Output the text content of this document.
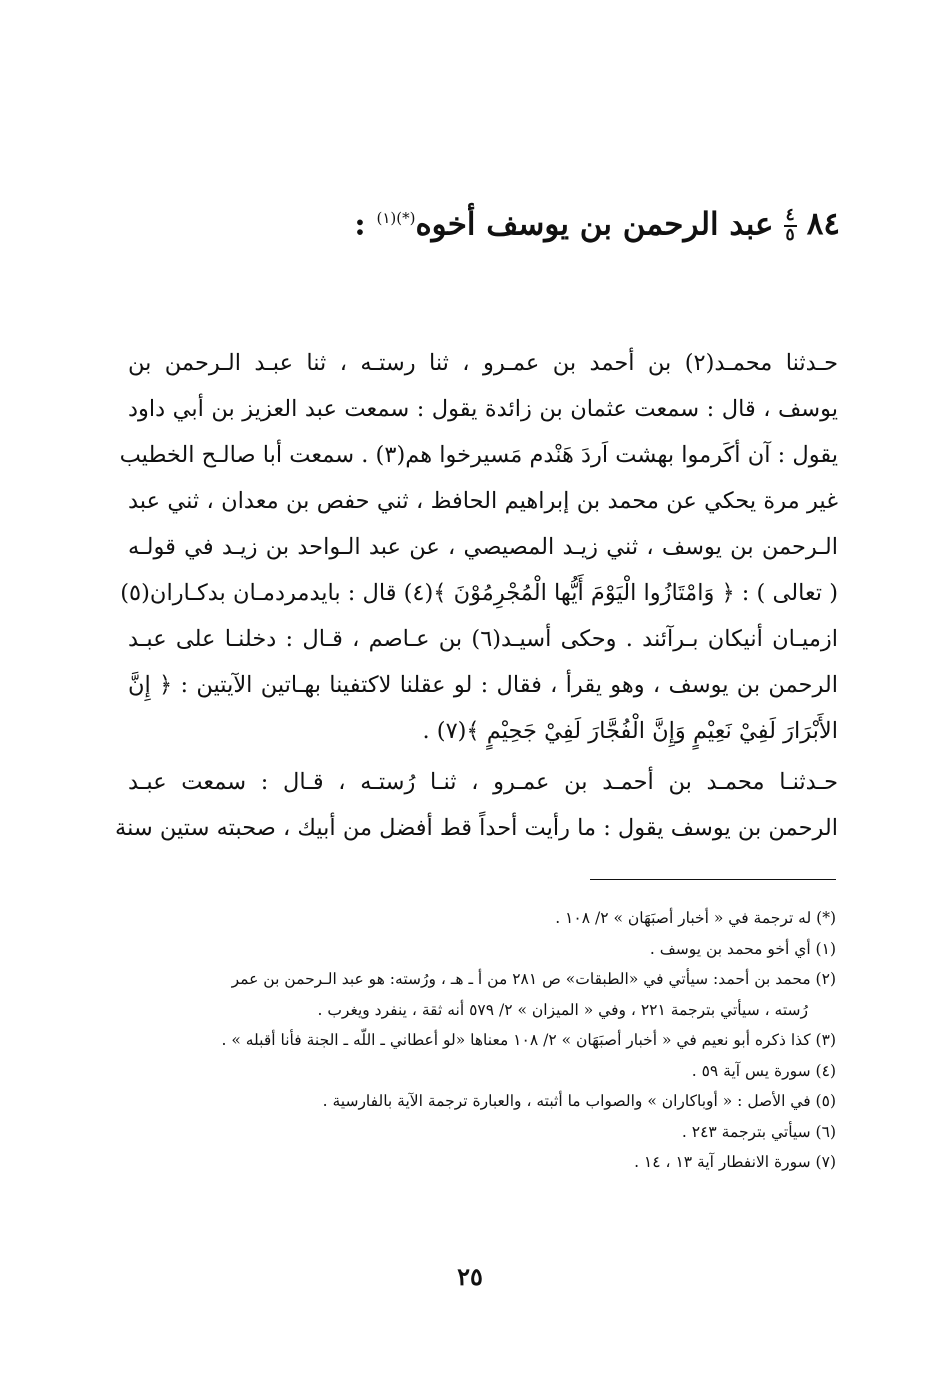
٨٤
$\frac{٤}{٥}$
عبد الرحمن بن يوسف أخوه$^{(*)(١)}$ :
حـدثنا محمـد(٢) بن أحمد بن عمـرو ، ثنا رستـه ، ثنا عبـد الـرحمن بن
يوسف ، قال : سمعت عثمان بن زائدة يقول : سمعت عبد العزيز بن أبي داود
يقول : آن أكَرموا بهشت اَردَ هَنْدم مَسيرخوا هم(٣) . سمعت أبا صالـح الخطيب
غير مرة يحكي عن محمد بن إبراهيم الحافظ ، ثني حفص بن معدان ، ثني عبد
الـرحمن بن يوسف ، ثني زيـد المصيصي ، عن عبد الـواحد بن زيـد في قولـه
( تعالى ) : ﴿ وَامْتَازُوا الْيَوْمَ أَيُّها الْمُجْرِمُوْنَ ﴾(٤) قال : بايدمردمـان بدكـاران(٥)
ازميـان أنيكان بـرآئند . وحكى أسيـد(٦) بن عـاصم ، قـال : دخلنـا على عبـد
الرحمن بن يوسف ، وهو يقرأ ، فقال : لو عقلنا لاكتفينا بهـاتين الآيتين : ﴿ إِنَّ
الأَبْرَارَ لَفِيْ نَعِيْمٍ وَإِنَّ الْفُجَّارَ لَفِيْ جَحِيْمٍ ﴾(٧) .
حـدثنـا محمـد بن أحمـد بن عمـرو ، ثنـا رُستـه ، قـال : سمعت عبـد
الرحمن بن يوسف يقول : ما رأيت أحداً قط أفضل من أبيك ، صحبته ستين سنة
(*) له ترجمة في « أخبار أصبَهَان » ٢/ ١٠٨ .
(١) أي أخو محمد بن يوسف .
(٢) محمد بن أحمد: سيأتي في «الطبقات» ص ٢٨١ من أ ـ هـ ، ورُسته: هو عبد الـرحمن بن عمر
رُسته ، سيأتي بترجمة ٢٢١ ، وفي « الميزان » ٢/ ٥٧٩ أنه ثقة ، ينفرد ويغرب .
(٣) كذا ذكره أبو نعيم في « أخبار أصبَهَان » ٢/ ١٠٨ معناها «لو أعطاني ـ اللّه ـ الجنة فأنا أقبله » .
(٤) سورة يس آية ٥٩ .
(٥) في الأصل : « أوباكاران » والصواب ما أثبته ، والعبارة ترجمة الآية بالفارسية .
(٦) سيأتي بترجمة ٢٤٣ .
(٧) سورة الانفطار آية ١٣ ، ١٤ .
٢٥
